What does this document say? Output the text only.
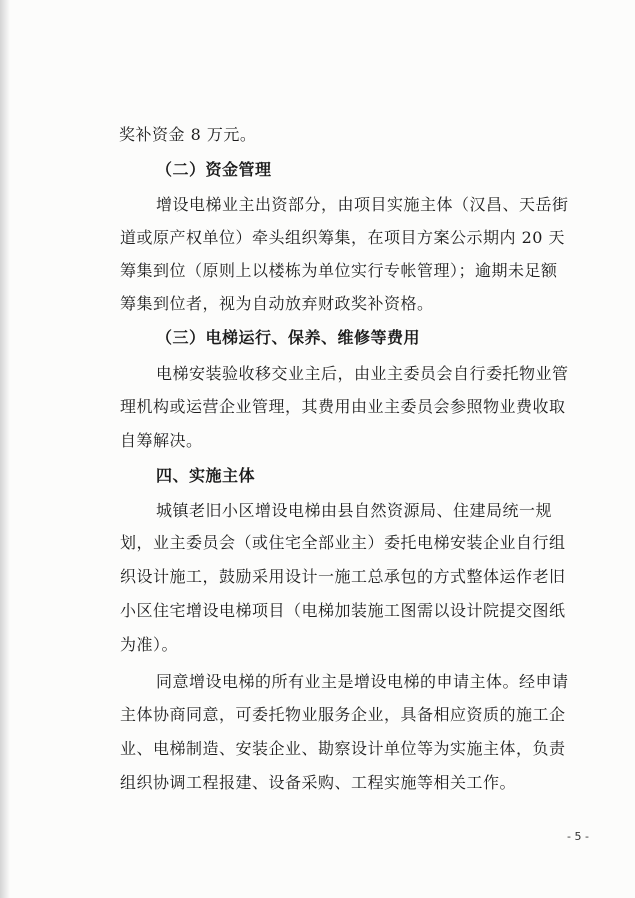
奖补资金 8 万元。
（二）资金管理
增设电梯业主出资部分，由项目实施主体（汉昌、天岳街
道或原产权单位）牵头组织筹集，在项目方案公示期内 20 天
筹集到位（原则上以楼栋为单位实行专帐管理）；逾期未足额
筹集到位者，视为自动放弃财政奖补资格。
（三）电梯运行、保养、维修等费用
电梯安装验收移交业主后，由业主委员会自行委托物业管
理机构或运营企业管理，其费用由业主委员会参照物业费收取
自筹解决。
四、实施主体
城镇老旧小区增设电梯由县自然资源局、住建局统一规
划，业主委员会（或住宅全部业主）委托电梯安装企业自行组
织设计施工，鼓励采用设计一施工总承包的方式整体运作老旧
小区住宅增设电梯项目（电梯加装施工图需以设计院提交图纸
为准）。
同意增设电梯的所有业主是增设电梯的申请主体。经申请
主体协商同意，可委托物业服务企业，具备相应资质的施工企
业、电梯制造、安装企业、勘察设计单位等为实施主体，负责
组织协调工程报建、设备采购、工程实施等相关工作。
- 5 -
